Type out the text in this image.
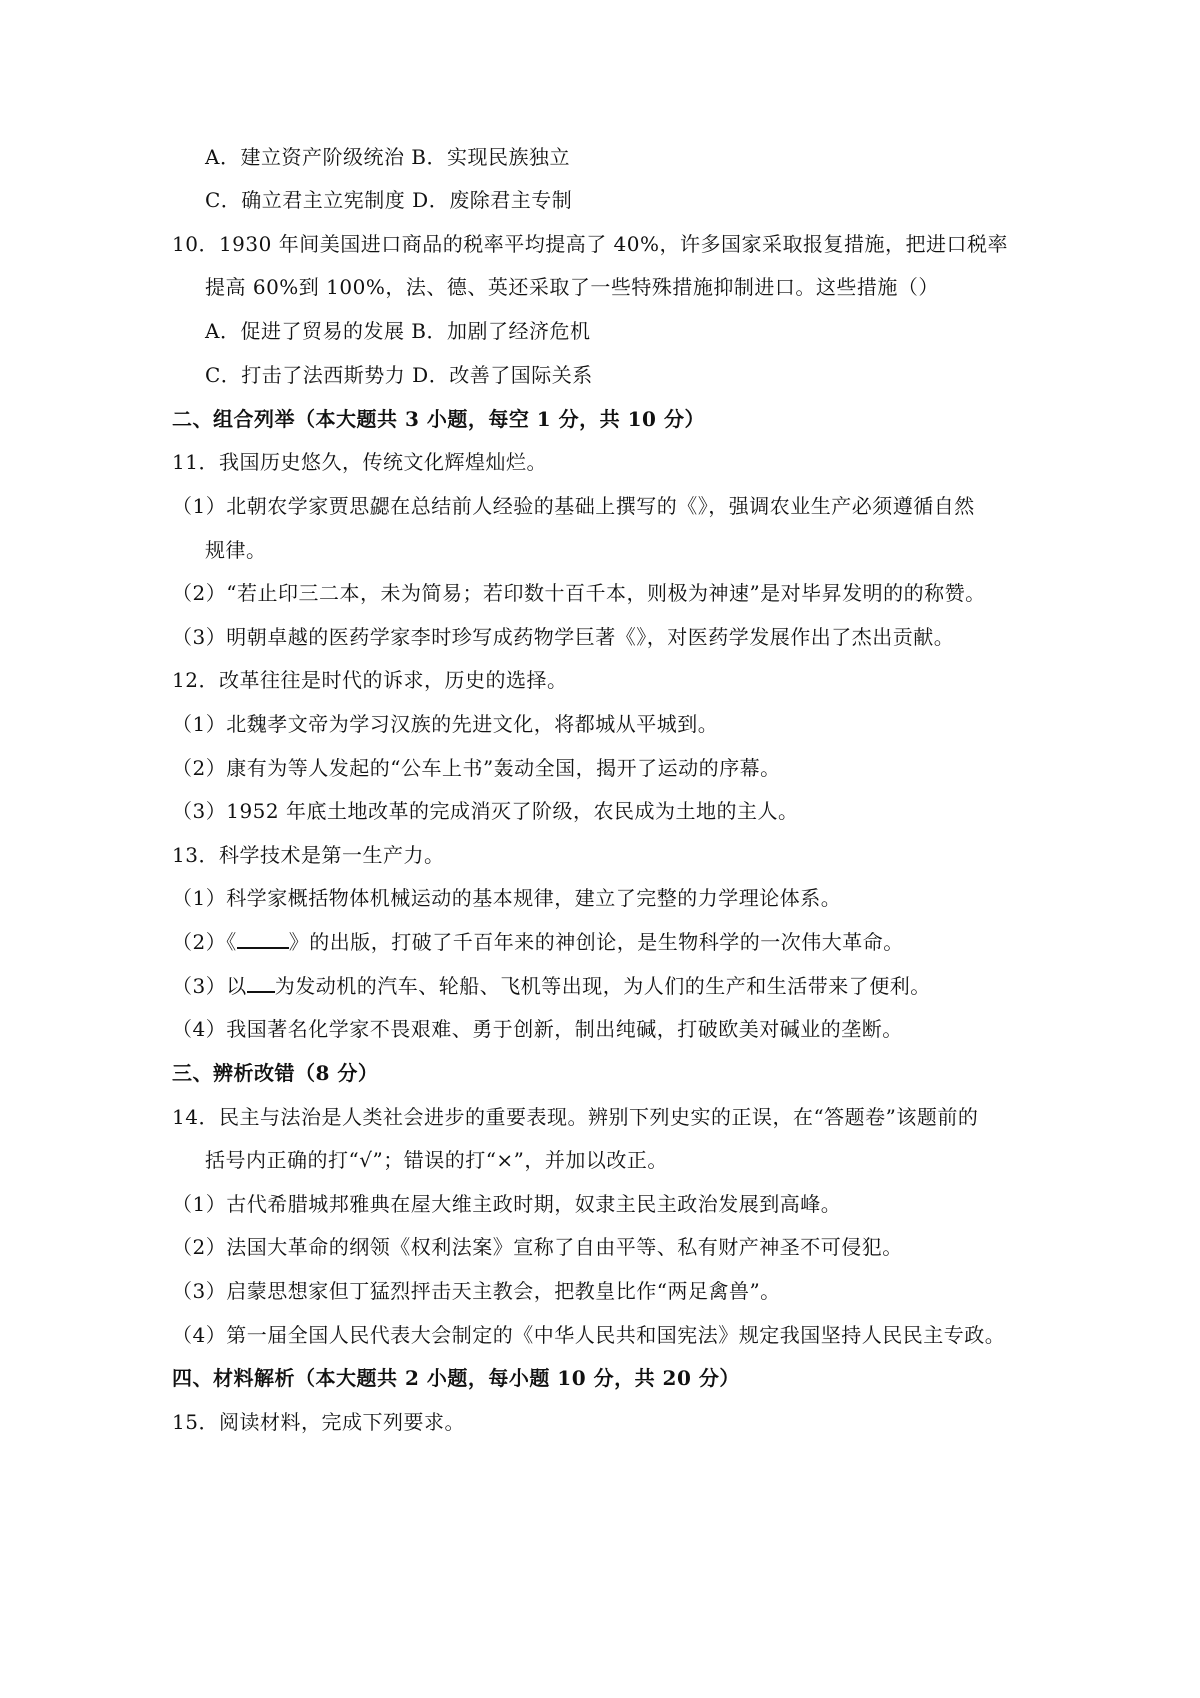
A．建立资产阶级统治 B．实现民族独立
C．确立君主立宪制度 D．废除君主专制
10．1930 年间美国进口商品的税率平均提高了 40%，许多国家采取报复措施，把进口税率
提高 60%到 100%，法、德、英还采取了一些特殊措施抑制进口。这些措施（）
A．促进了贸易的发展 B．加剧了经济危机
C．打击了法西斯势力 D．改善了国际关系
二、组合列举（本大题共 3 小题，每空 1 分，共 10 分）
11．我国历史悠久，传统文化辉煌灿烂。
（1）北朝农学家贾思勰在总结前人经验的基础上撰写的《》，强调农业生产必须遵循自然
规律。
（2）“若止印三二本，未为简易；若印数十百千本，则极为神速”是对毕昇发明的的称赞。
（3）明朝卓越的医药学家李时珍写成药物学巨著《》，对医药学发展作出了杰出贡献。
12．改革往往是时代的诉求，历史的选择。
（1）北魏孝文帝为学习汉族的先进文化，将都城从平城到。
（2）康有为等人发起的“公车上书”轰动全国，揭开了运动的序幕。
（3）1952 年底土地改革的完成消灭了阶级，农民成为土地的主人。
13．科学技术是第一生产力。
（1）科学家概括物体机械运动的基本规律，建立了完整的力学理论体系。
（2）《	》的出版，打破了千百年来的神创论，是生物科学的一次伟大革命。
（3）以 为发动机的汽车、轮船、飞机等出现，为人们的生产和生活带来了便利。
（4）我国著名化学家不畏艰难、勇于创新，制出纯碱，打破欧美对碱业的垄断。
三、辨析改错（8 分）
14．民主与法治是人类社会进步的重要表现。辨别下列史实的正误，在“答题卷”该题前的
括号内正确的打“√”；错误的打“×”，并加以改正。
（1）古代希腊城邦雅典在屋大维主政时期，奴隶主民主政治发展到高峰。
（2）法国大革命的纲领《权利法案》宣称了自由平等、私有财产神圣不可侵犯。
（3）启蒙思想家但丁猛烈抨击天主教会，把教皇比作“两足禽兽”。
（4）第一届全国人民代表大会制定的《中华人民共和国宪法》规定我国坚持人民民主专政。
四、材料解析（本大题共 2 小题，每小题 10 分，共 20 分）
15．阅读材料，完成下列要求。
